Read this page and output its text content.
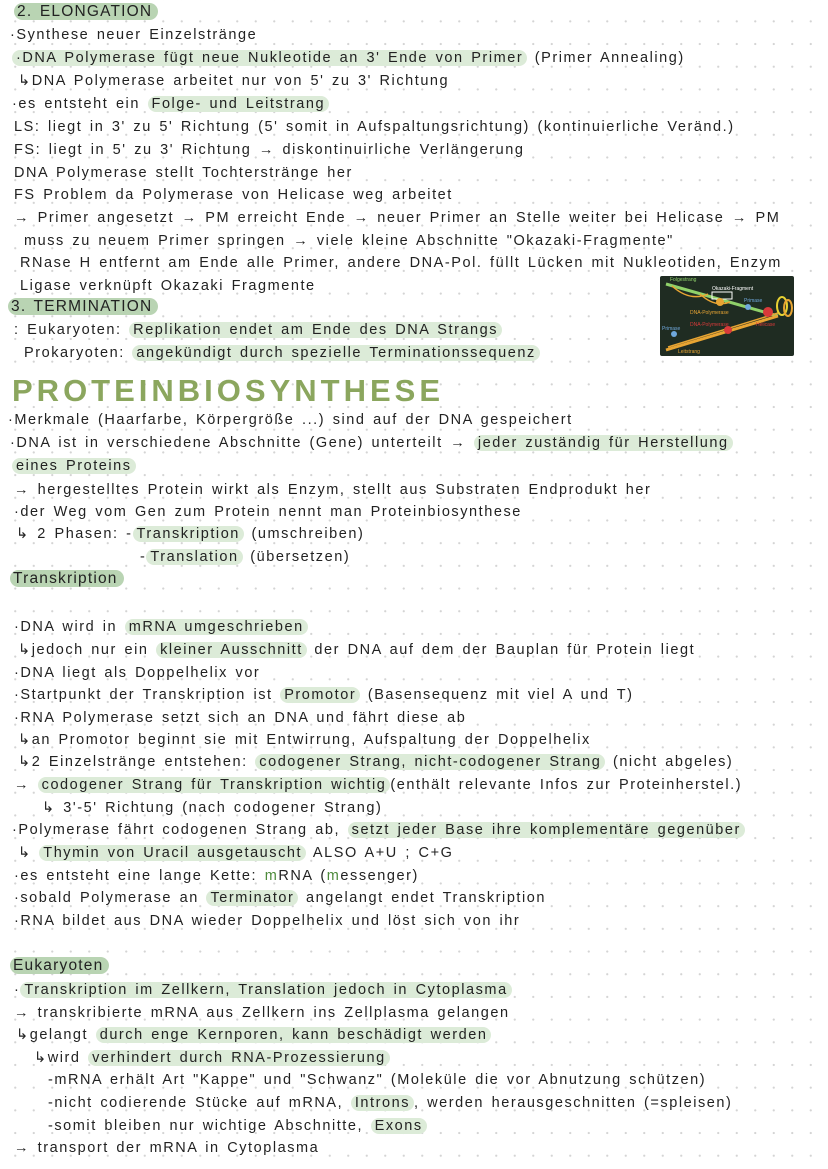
2. ELONGATION
·Synthese neuer Einzelstränge
·DNA Polymerase fügt neue Nukleotide an 3' Ende von Primer (Primer Annealing)
↳DNA Polymerase arbeitet nur von 5' zu 3' Richtung
·es entsteht ein Folge- und Leitstrang
LS: liegt in 3' zu 5' Richtung (5' somit in Aufspaltungsrichtung) (kontinuierliche Veränd.)
FS: liegt in 5' zu 3' Richtung → diskontinuirliche Verlängerung
DNA Polymerase stellt Tochterstränge her
FS Problem da Polymerase von Helicase weg arbeitet
→ Primer angesetzt → PM erreicht Ende → neuer Primer an Stelle weiter bei Helicase → PM
muss zu neuem Primer springen → viele kleine Abschnitte "Okazaki-Fragmente"
RNase H entfernt am Ende alle Primer, andere DNA-Pol. füllt Lücken mit Nukleotiden, Enzym
Ligase verknüpft Okazaki Fragmente
3. TERMINATION
: Eukaryoten: Replikation endet am Ende des DNA Strangs
Prokaryoten: angekündigt durch spezielle Terminationssequenz
PROTEINBIOSYNTHESE
·Merkmale (Haarfarbe, Körpergröße ...) sind auf der DNA gespeichert
·DNA ist in verschiedene Abschnitte (Gene) unterteilt → jeder zuständig für Herstellung
eines Proteins
→ hergestelltes Protein wirkt als Enzym, stellt aus Substraten Endprodukt her
·der Weg vom Gen zum Protein nennt man Proteinbiosynthese
↳ 2 Phasen: - Transkription (umschreiben)
- Translation (übersetzen)
Transkription
·DNA wird in mRNA umgeschrieben
↳jedoch nur ein kleiner Ausschnitt der DNA auf dem der Bauplan für Protein liegt
·DNA liegt als Doppelhelix vor
·Startpunkt der Transkription ist Promotor (Basensequenz mit viel A und T)
·RNA Polymerase setzt sich an DNA und fährt diese ab
↳an Promotor beginnt sie mit Entwirrung, Aufspaltung der Doppelhelix
↳2 Einzelstränge entstehen: codogener Strang, nicht-codogener Strang (nicht abgeles)
→ codogener Strang für Transkription wichtig (enthält relevante Infos zur Proteinherstel.)
↳ 3'-5' Richtung (nach codogener Strang)
·Polymerase fährt codogenen Strang ab, setzt jeder Base ihre komplementäre gegenüber
↳ Thymin von Uracil ausgetauscht ALSO A+U ; C+G
·es entsteht eine lange Kette: mRNA (messenger)
·sobald Polymerase an Terminator angelangt endet Transkription
·RNA bildet aus DNA wieder Doppelhelix und löst sich von ihr
Eukaryoten
· Transkription im Zellkern, Translation jedoch in Cytoplasma
→ transkribierte mRNA aus Zellkern ins Zellplasma gelangen
↳gelangt durch enge Kernporen, kann beschädigt werden
↳wird verhindert durch RNA-Prozessierung
-mRNA erhält Art "Kappe" und "Schwanz" (Moleküle die vor Abnutzung schützen)
-nicht codierende Stücke auf mRNA, Introns , werden herausgeschnitten (=spleisen)
-somit bleiben nur wichtige Abschnitte, Exons
→ transport der mRNA in Cytoplasma
Folgestrang
Okazaki-Fragment
Primase
DNA-Polymerase
DNA-Polymerase	Helicase
Primase
Leitstrang
